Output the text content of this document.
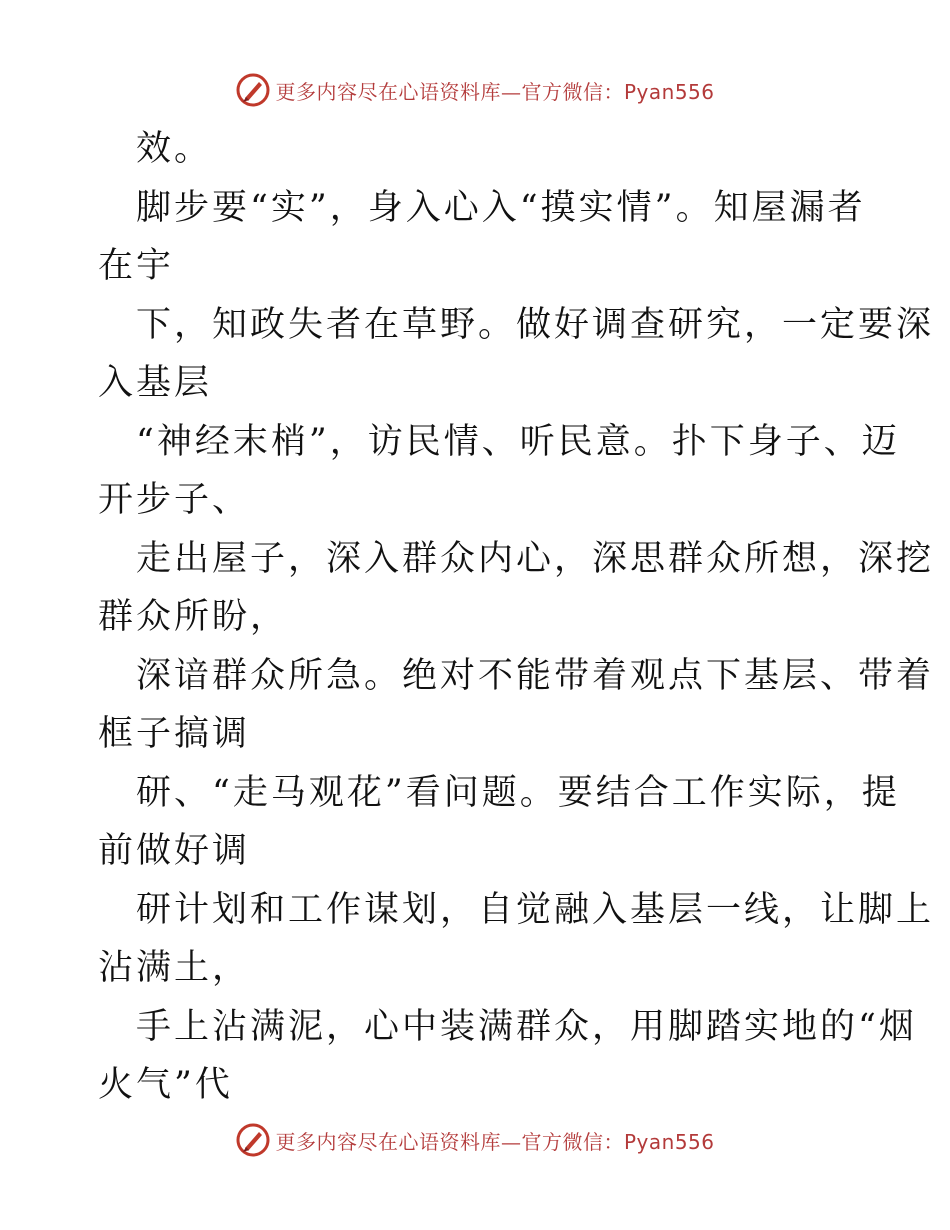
更多内容尽在心语资料库—官方微信：Pyan556
效。
脚步要“实”，身入心入“摸实情”。知屋漏者
在宇
下，知政失者在草野。做好调查研究，一定要深
入基层
“神经末梢”，访民情、听民意。扑下身子、迈
开步子、
走出屋子，深入群众内心，深思群众所想，深挖
群众所盼，
深谙群众所急。绝对不能带着观点下基层、带着
框子搞调
研、“走马观花”看问题。要结合工作实际，提
前做好调
研计划和工作谋划，自觉融入基层一线，让脚上
沾满土，
手上沾满泥，心中装满群众，用脚踏实地的“烟
火气”代
更多内容尽在心语资料库—官方微信：Pyan556
